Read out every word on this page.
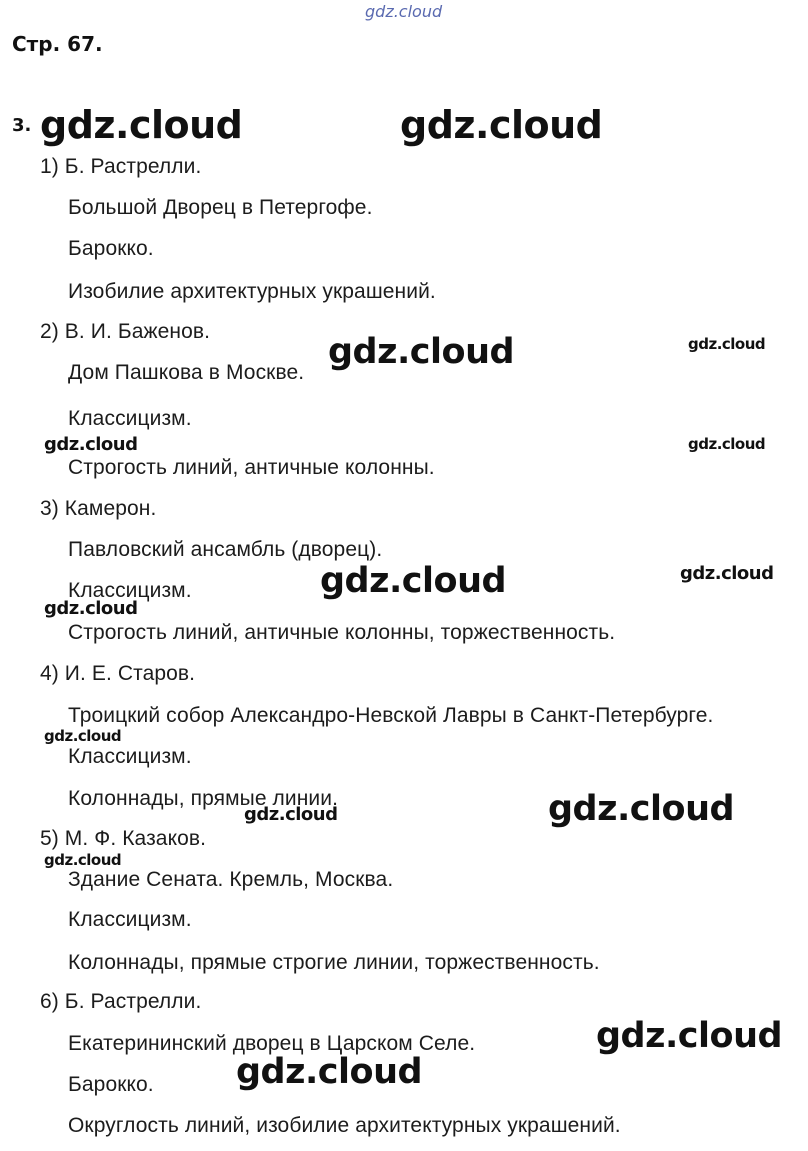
gdz.cloud
Стр. 67.
3.
1) Б. Растрелли.
Большой Дворец в Петергофе.
Барокко.
Изобилие архитектурных украшений.
2) В. И. Баженов.
Дом Пашкова в Москве.
Классицизм.
Строгость линий, античные колонны.
3) Камерон.
Павловский ансамбль (дворец).
Классицизм.
Строгость линий, античные колонны, торжественность.
4) И. Е. Старов.
Троицкий собор Александро-Невской Лавры в Санкт-Петербурге.
Классицизм.
Колоннады, прямые линии.
5) М. Ф. Казаков.
Здание Сената. Кремль, Москва.
Классицизм.
Колоннады, прямые строгие линии, торжественность.
6) Б. Растрелли.
Екатерининский дворец в Царском Селе.
Барокко.
Округлость линий, изобилие архитектурных украшений.
gdz.cloud	gdz.cloud
gdz.cloud	gdz.cloud
gdz.cloud	gdz.cloud
gdz.cloud	gdz.cloud
gdz.cloud
gdz.cloud
gdz.cloud
gdz.cloud
gdz.cloud
gdz.cloud
gdz.cloud
